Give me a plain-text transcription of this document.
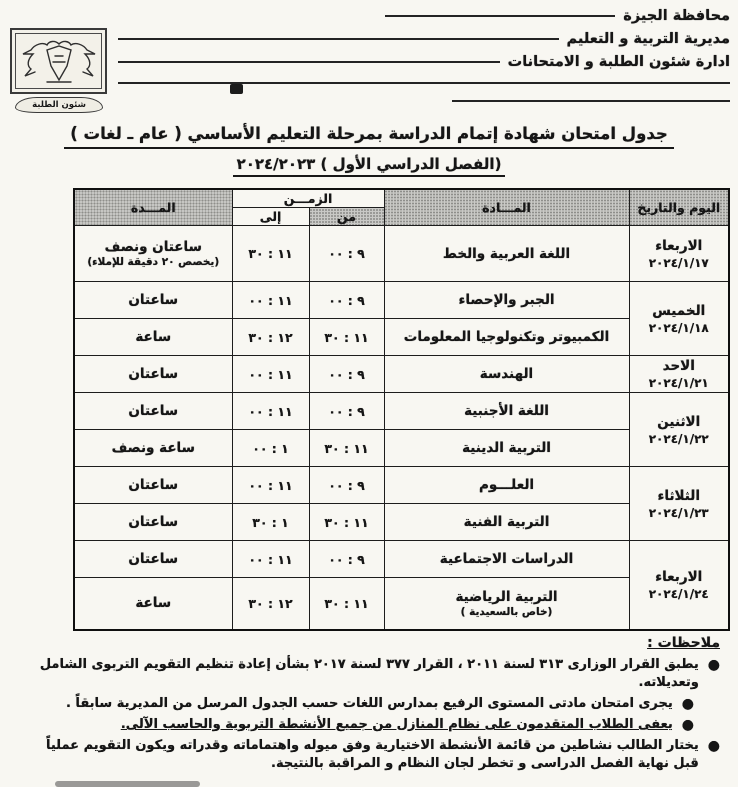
محافظة الجيزة
مديرية التربية و التعليم
ادارة شئون الطلبة و الامتحانات
شئون الطلبة
جدول امتحان شهادة إتمام الدراسة بمرحلة التعليم الأساسي ( عام ـ لغات )
(الفصل الدراسي الأول ) ٢٠٢٤/٢٠٢٣
اليوم والتاريخ	المـــادة	الزمـــن		المـــدة
		من	إلى	

الاربعاء
٢٠٢٤/١/١٧
	اللغة العربية والخط	٩ : ٠٠	١١ : ٣٠	ساعتان ونصف
(يخصص ٢٠ دقيقة للإملاء)

الخميس
٢٠٢٤/١/١٨	الجبر والإحصاء	٩ : ٠٠	١١ : ٠٠	ساعتان
	الكمبيوتر وتكنولوجيا المعلومات	١١ : ٣٠	١٢ : ٣٠	ساعة

الاحد
٢٠٢٤/١/٢١	الهندسة	٩ : ٠٠	١١ : ٠٠	ساعتان

الاثنين
٢٠٢٤/١/٢٢	اللغة الأجنبية	٩ : ٠٠	١١ : ٠٠	ساعتان
	التربية الدينية	١١ : ٣٠	١ : ٠٠	ساعة ونصف

الثلاثاء
٢٠٢٤/١/٢٣	العلـــوم	٩ : ٠٠	١١ : ٠٠	ساعتان
	التربية الفنية	١١ : ٣٠	١ : ٣٠	ساعتان

الاربعاء
٢٠٢٤/١/٢٤	الدراسات الاجتماعية	٩ : ٠٠	١١ : ٠٠	ساعتان
	التربية الرياضية
(خاص بالسعيدية )	١١ : ٣٠	١٢ : ٣٠	ساعة
ملاحظات :
●
يطبق القرار الوزارى ٣١٣ لسنة ٢٠١١ ، القرار ٣٧٧ لسنة ٢٠١٧ بشأن إعادة تنظيم التقويم التربوى الشامل وتعديلاته.
●
يجرى امتحان مادتى المستوى الرفيع بمدارس اللغات حسب الجدول المرسل من المديرية سابقاً .
●
يعفى الطلاب المتقدمون على نظام المنازل من جميع الأنشطة التربوية والحاسب الآلى.
●
يختار الطالب نشاطين من قائمة الأنشطة الاختيارية وفق ميوله واهتماماته وقدراته ويكون التقويم عملياً قبل نهاية الفصل الدراسى و تخطر لجان النظام و المراقبة بالنتيجة.
